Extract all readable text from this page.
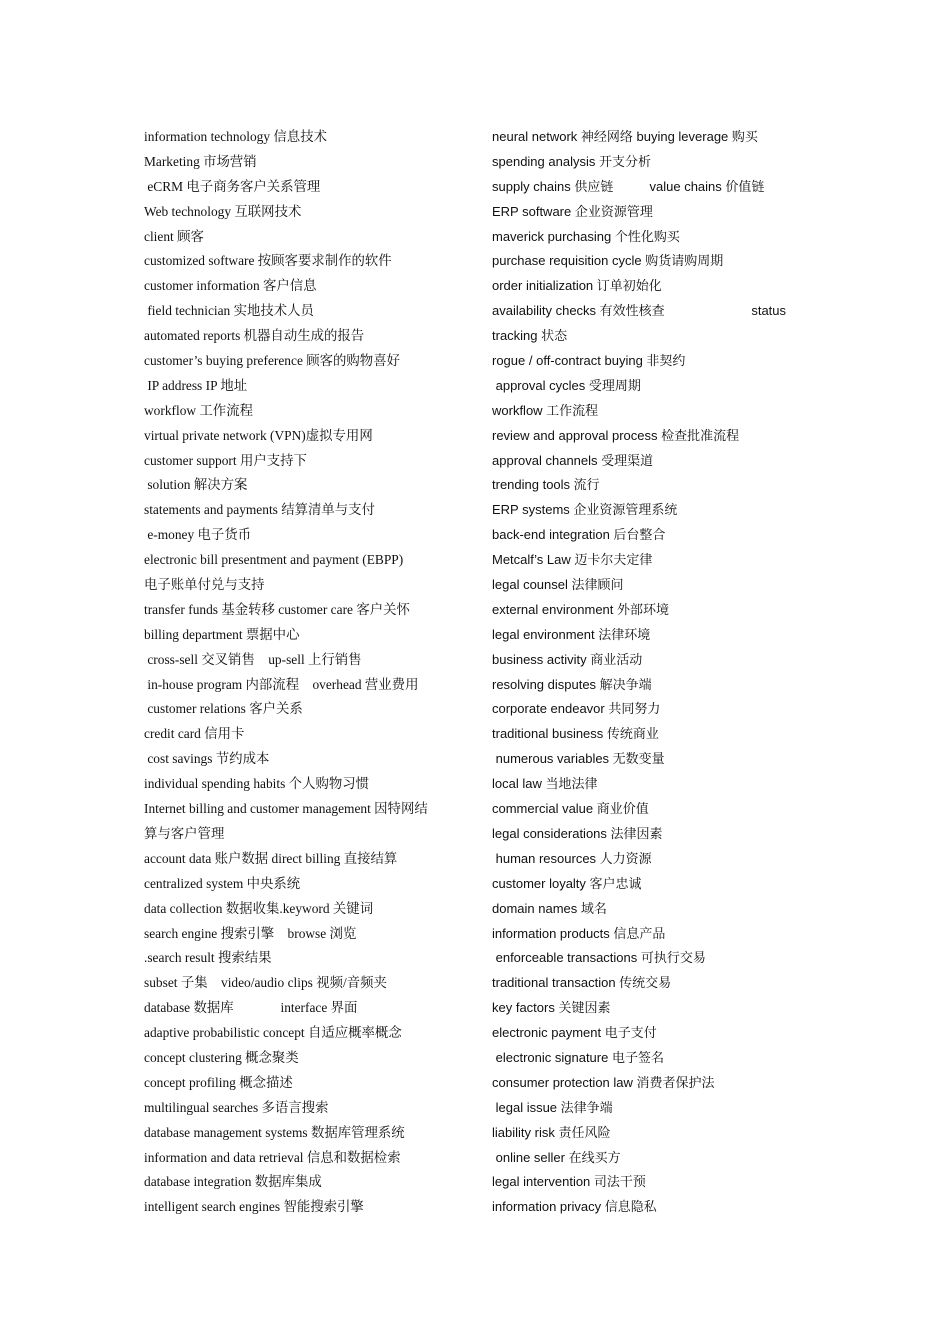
information technology 信息技术
Marketing 市场营销
eCRM 电子商务客户关系管理
Web technology 互联网技术
client 顾客
customized software 按顾客要求制作的软件
customer information 客户信息
field technician 实地技术人员
automated reports 机器自动生成的报告
customer’s buying preference 顾客的购物喜好
IP address IP 地址
workflow 工作流程
virtual private network (VPN)虚拟专用网
customer support 用户支持下
solution 解决方案
statements and payments 结算清单与支付
e-money 电子货币
electronic bill presentment and payment (EBPP)
电子账单付兑与支持
transfer funds 基金转移 customer care 客户关怀
billing department 票据中心
cross-sell 交叉销售    up-sell 上行销售
in-house program 内部流程    overhead 营业费用
customer relations 客户关系
credit card 信用卡
cost savings 节约成本
individual spending habits 个人购物习惯
Internet billing and customer management 因特网结
算与客户管理
account data 账户数据 direct billing 直接结算
centralized system 中央系统
data collection 数据收集.keyword 关键词
search engine 搜索引擎    browse 浏览
.search result 搜索结果
subset 子集    video/audio clips 视频/音频夹
database 数据库              interface 界面
adaptive probabilistic concept 自适应概率概念
concept clustering 概念聚类
concept profiling 概念描述
multilingual searches 多语言搜索
database management systems 数据库管理系统
information and data retrieval 信息和数据检索
database integration 数据库集成
intelligent search engines 智能搜索引擎
neural network 神经网络 buying leverage 购买
spending analysis 开支分析
supply chains 供应链          value chains 价值链
ERP software 企业资源管理
maverick purchasing 个性化购买
purchase requisition cycle 购货请购周期
order initialization 订单初始化
availability checks 有效性核查                        status
tracking 状态
rogue / off-contract buying 非契约
approval cycles 受理周期
workflow 工作流程
review and approval process 检查批准流程
approval channels 受理渠道
trending tools 流行
ERP systems 企业资源管理系统
back-end integration 后台整合
Metcalf’s Law 迈卡尔夫定律
legal counsel 法律顾问
external environment 外部环境
legal environment 法律环境
business activity 商业活动
resolving disputes 解决争端
corporate endeavor 共同努力
traditional business 传统商业
numerous variables 无数变量
local law 当地法律
commercial value 商业价值
legal considerations 法律因素
human resources 人力资源
customer loyalty 客户忠诚
domain names 域名
information products 信息产品
enforceable transactions 可执行交易
traditional transaction 传统交易
key factors 关键因素
electronic payment 电子支付
electronic signature 电子签名
consumer protection law 消费者保护法
legal issue 法律争端
liability risk 责任风险
online seller 在线买方
legal intervention 司法干预
information privacy 信息隐私
